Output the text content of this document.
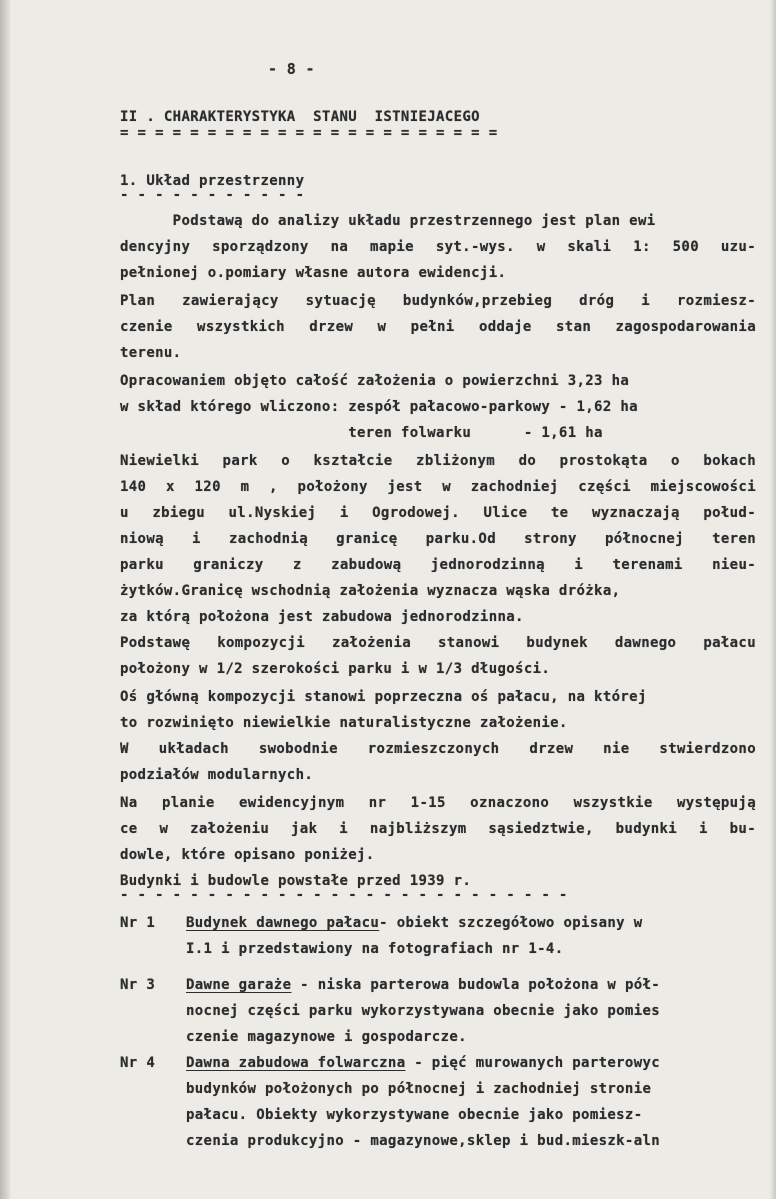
- 8 -
II . CHARAKTERYSTYKA  STANU  ISTNIEJACEGO
= = = = = = = = = = = = = = = = = = = = = =
1. Układ przestrzenny
- - - - - - - - - - -
Podstawą do analizy układu przestrzennego jest plan ewi
dencyjny sporządzony na mapie syt.-wys. w skali 1: 500 uzu-
pełnionej o.pomiary własne autora ewidencji.
Plan zawierający sytuację budynków,przebieg dróg i rozmiesz-
czenie wszystkich drzew w pełni oddaje stan zagospodarowania
terenu.
Opracowaniem objęto całość założenia o powierzchni 3,23 ha
w skład którego wliczono: zespół pałacowo-parkowy - 1,62 ha
teren folwarku      - 1,61 ha
Niewielki park o kształcie zbliżonym do prostokąta o bokach
140 x 120 m , położony jest w zachodniej części miejscowości
u zbiegu ul.Nyskiej i Ogrodowej. Ulice te wyznaczają połud-
niową i zachodnią granicę parku.Od strony północnej teren
parku graniczy z zabudową jednorodzinną i terenami nieu-
żytków.Granicę wschodnią założenia wyznacza wąska dróżka,
za którą położona jest zabudowa jednorodzinna.
Podstawę kompozycji założenia stanowi budynek dawnego pałacu
położony w 1/2 szerokości parku i w 1/3 długości.
Oś główną kompozycji stanowi poprzeczna oś pałacu, na której
to rozwinięto niewielkie naturalistyczne założenie.
W układach swobodnie rozmieszczonych drzew nie stwierdzono
podziałów modularnych.
Na planie ewidencyjnym nr 1-15 oznaczono wszystkie występują
ce w założeniu jak i najbliższym sąsiedztwie, budynki i bu-
dowle, które opisano poniżej.
Budynki i budowle powstałe przed 1939 r.
- - - - - - - - - - - - - - - - - - - - - - - - - -
Nr 1 Budynek dawnego pałacu- obiekt szczegółowo opisany w
I.1 i przedstawiony na fotografiach nr 1-4.
Nr 3 Dawne garaże - niska parterowa budowla położona w pół-
nocnej części parku wykorzystywana obecnie jako pomies
czenie magazynowe i gospodarcze.
Nr 4 Dawna zabudowa folwarczna - pięć murowanych parterowyc
budynków położonych po północnej i zachodniej stronie
pałacu. Obiekty wykorzystywane obecnie jako pomiesz-
czenia produkcyjno - magazynowe,sklep i bud.mieszk-aln
